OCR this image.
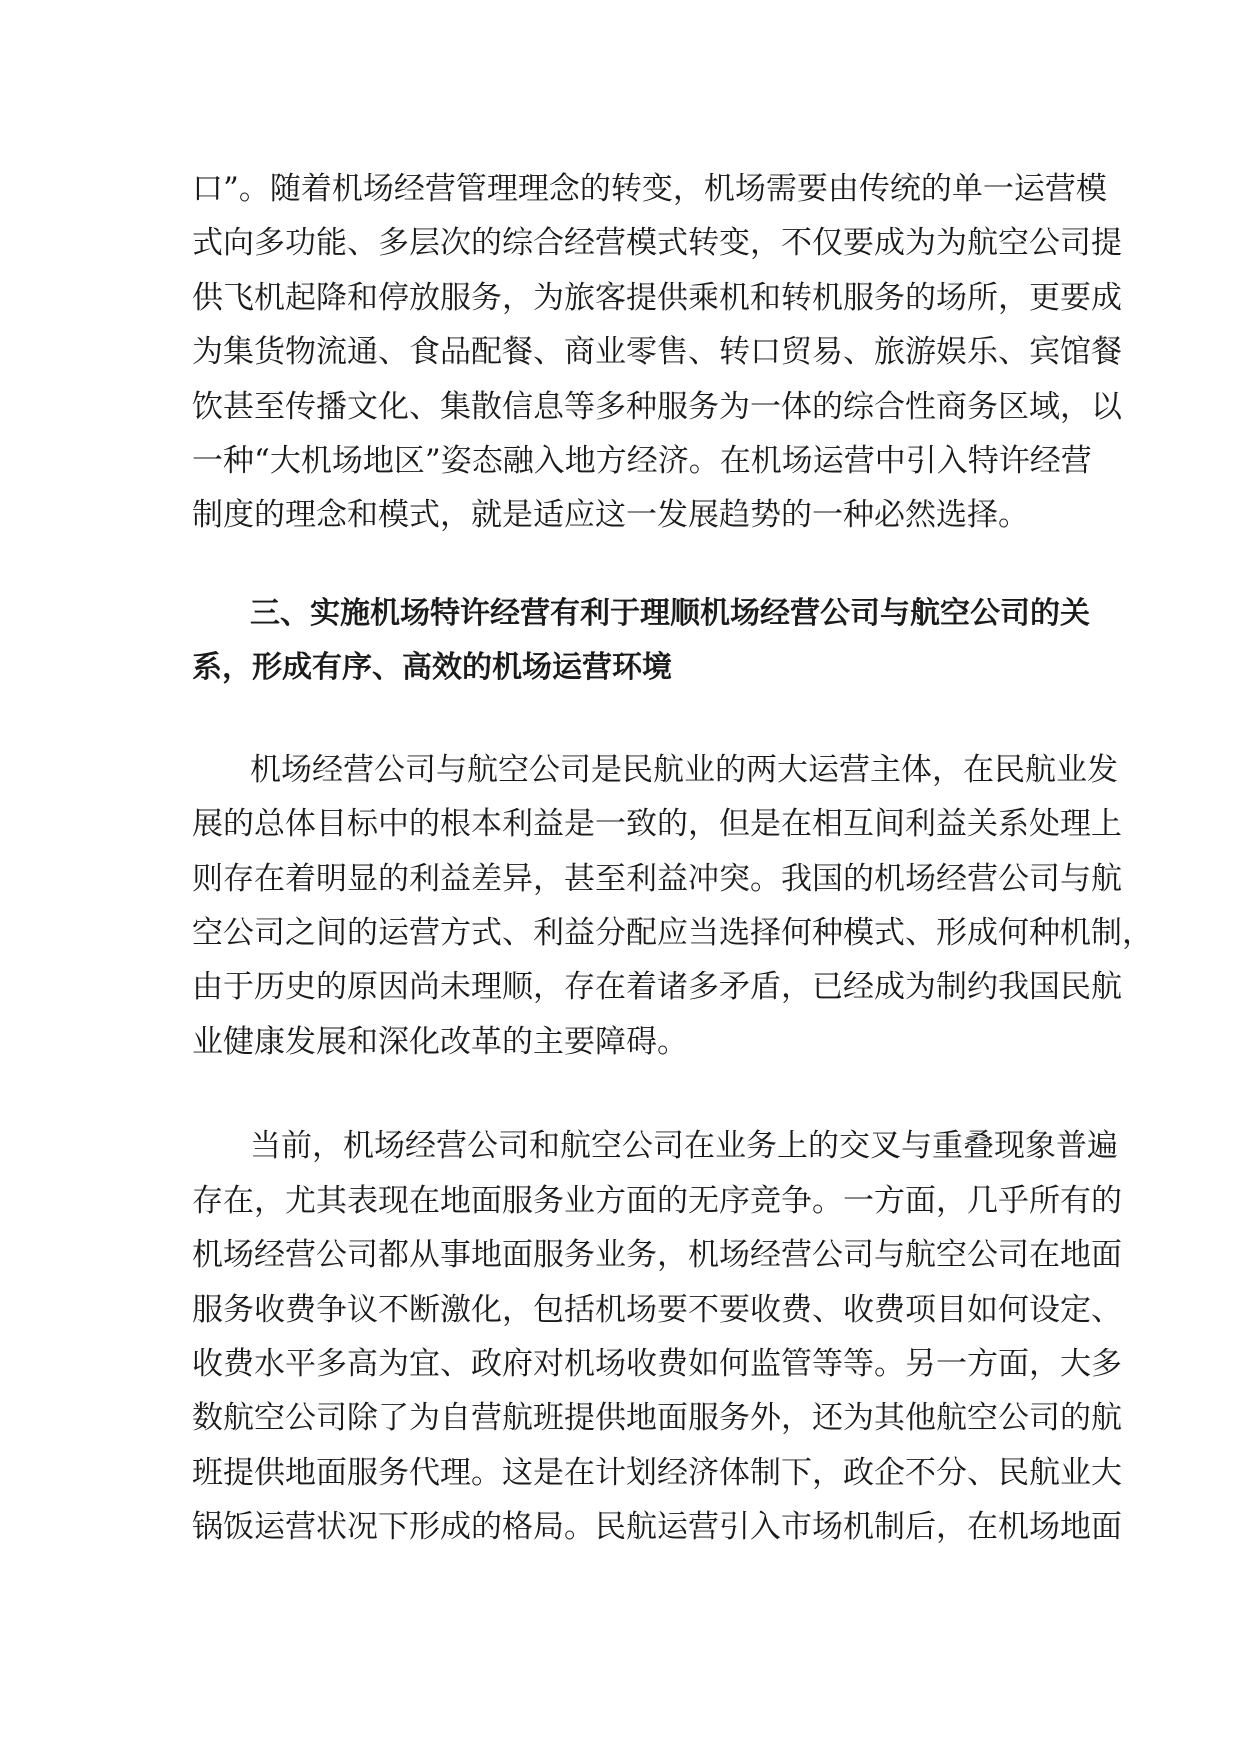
口”。随着机场经营管理理念的转变，机场需要由传统的单一运营模
式向多功能、多层次的综合经营模式转变，不仅要成为为航空公司提
供飞机起降和停放服务，为旅客提供乘机和转机服务的场所，更要成
为集货物流通、食品配餐、商业零售、转口贸易、旅游娱乐、宾馆餐
饮甚至传播文化、集散信息等多种服务为一体的综合性商务区域，以
一种“大机场地区”姿态融入地方经济。在机场运营中引入特许经营
制度的理念和模式，就是适应这一发展趋势的一种必然选择。
三、实施机场特许经营有利于理顺机场经营公司与航空公司的关
系，形成有序、高效的机场运营环境
机场经营公司与航空公司是民航业的两大运营主体，在民航业发
展的总体目标中的根本利益是一致的，但是在相互间利益关系处理上
则存在着明显的利益差异，甚至利益冲突。我国的机场经营公司与航
空公司之间的运营方式、利益分配应当选择何种模式、形成何种机制，
由于历史的原因尚未理顺，存在着诸多矛盾，已经成为制约我国民航
业健康发展和深化改革的主要障碍。
当前，机场经营公司和航空公司在业务上的交叉与重叠现象普遍
存在，尤其表现在地面服务业方面的无序竞争。一方面，几乎所有的
机场经营公司都从事地面服务业务，机场经营公司与航空公司在地面
服务收费争议不断激化，包括机场要不要收费、收费项目如何设定、
收费水平多高为宜、政府对机场收费如何监管等等。另一方面，大多
数航空公司除了为自营航班提供地面服务外，还为其他航空公司的航
班提供地面服务代理。这是在计划经济体制下，政企不分、民航业大
锅饭运营状况下形成的格局。民航运营引入市场机制后，在机场地面
